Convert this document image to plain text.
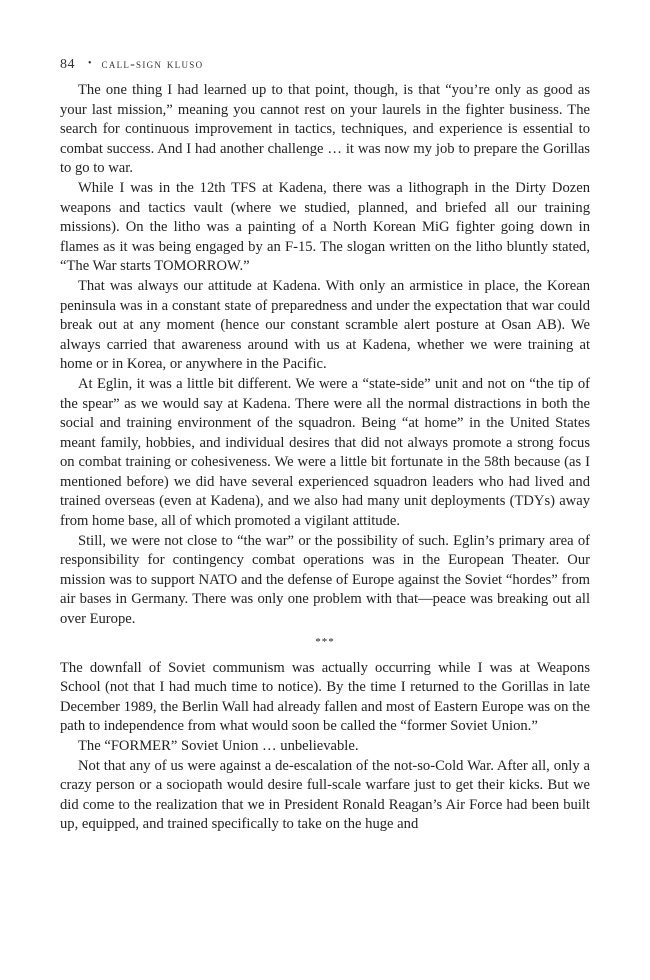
84 • call-sign kluso

The one thing I had learned up to that point, though, is that “you’re only as good as your last mission,” meaning you cannot rest on your laurels in the fighter business. The search for continuous improvement in tactics, techniques, and experience is essential to combat success. And I had another challenge … it was now my job to prepare the Gorillas to go to war.

While I was in the 12th TFS at Kadena, there was a lithograph in the Dirty Dozen weapons and tactics vault (where we studied, planned, and briefed all our training missions). On the litho was a painting of a North Korean MiG fighter going down in flames as it was being engaged by an F-15. The slogan written on the litho bluntly stated, “The War starts TOMORROW.”

That was always our attitude at Kadena. With only an armistice in place, the Korean peninsula was in a constant state of preparedness and under the expectation that war could break out at any moment (hence our constant scramble alert posture at Osan AB). We always carried that awareness around with us at Kadena, whether we were training at home or in Korea, or anywhere in the Pacific.

At Eglin, it was a little bit different. We were a “state-side” unit and not on “the tip of the spear” as we would say at Kadena. There were all the normal distractions in both the social and training environment of the squadron. Being “at home” in the United States meant family, hobbies, and individual desires that did not always promote a strong focus on combat training or cohesiveness. We were a little bit fortunate in the 58th because (as I mentioned before) we did have several experienced squadron leaders who had lived and trained overseas (even at Kadena), and we also had many unit deployments (TDYs) away from home base, all of which promoted a vigilant attitude.

Still, we were not close to “the war” or the possibility of such. Eglin’s primary area of responsibility for contingency combat operations was in the European Theater. Our mission was to support NATO and the defense of Europe against the Soviet “hordes” from air bases in Germany. There was only one problem with that—peace was breaking out all over Europe.

***

The downfall of Soviet communism was actually occurring while I was at Weapons School (not that I had much time to notice). By the time I returned to the Gorillas in late December 1989, the Berlin Wall had already fallen and most of Eastern Europe was on the path to independence from what would soon be called the “former Soviet Union.”

The “FORMER” Soviet Union … unbelievable.

Not that any of us were against a de-escalation of the not-so-Cold War. After all, only a crazy person or a sociopath would desire full-scale warfare just to get their kicks. But we did come to the realization that we in President Ronald Reagan’s Air Force had been built up, equipped, and trained specifically to take on the huge and
